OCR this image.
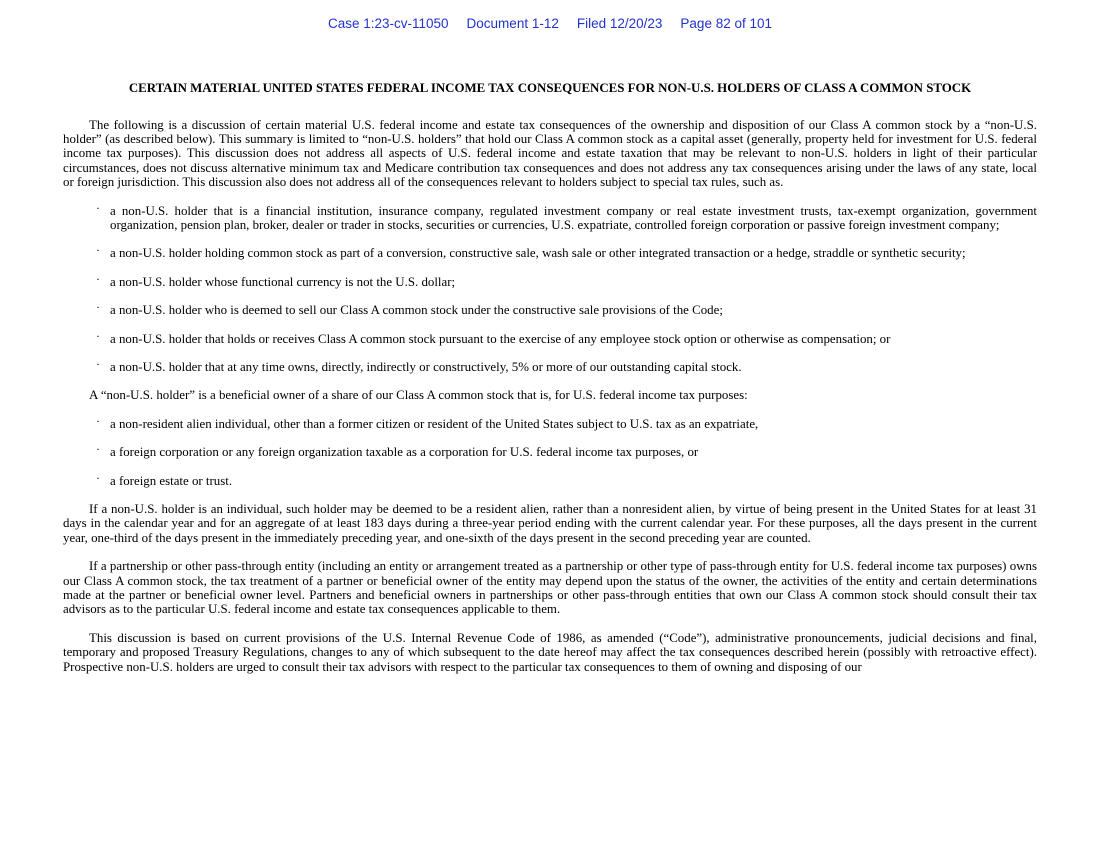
Case 1:23-cv-11050 Document 1-12 Filed 12/20/23 Page 82 of 101
CERTAIN MATERIAL UNITED STATES FEDERAL INCOME TAX CONSEQUENCES FOR NON-U.S. HOLDERS OF CLASS A COMMON STOCK

The following is a discussion of certain material U.S. federal income and estate tax consequences of the ownership and disposition of our Class A common stock by a “non-U.S. holder” (as described below). This summary is limited to “non-U.S. holders” that hold our Class A common stock as a capital asset (generally, property held for investment for U.S. federal income tax purposes). This discussion does not address all aspects of U.S. federal income and estate taxation that may be relevant to non-U.S. holders in light of their particular circumstances, does not discuss alternative minimum tax and Medicare contribution tax consequences and does not address any tax consequences arising under the laws of any state, local or foreign jurisdiction. This discussion also does not address all of the consequences relevant to holders subject to special tax rules, such as.

· a non-U.S. holder that is a financial institution, insurance company, regulated investment company or real estate investment trusts, tax-exempt organization, government organization, pension plan, broker, dealer or trader in stocks, securities or currencies, U.S. expatriate, controlled foreign corporation or passive foreign investment company;
· a non-U.S. holder holding common stock as part of a conversion, constructive sale, wash sale or other integrated transaction or a hedge, straddle or synthetic security;
· a non-U.S. holder whose functional currency is not the U.S. dollar;
· a non-U.S. holder who is deemed to sell our Class A common stock under the constructive sale provisions of the Code;
· a non-U.S. holder that holds or receives Class A common stock pursuant to the exercise of any employee stock option or otherwise as compensation; or
· a non-U.S. holder that at any time owns, directly, indirectly or constructively, 5% or more of our outstanding capital stock.

A “non-U.S. holder” is a beneficial owner of a share of our Class A common stock that is, for U.S. federal income tax purposes:

· a non-resident alien individual, other than a former citizen or resident of the United States subject to U.S. tax as an expatriate,
· a foreign corporation or any foreign organization taxable as a corporation for U.S. federal income tax purposes, or
· a foreign estate or trust.

If a non-U.S. holder is an individual, such holder may be deemed to be a resident alien, rather than a nonresident alien, by virtue of being present in the United States for at least 31 days in the calendar year and for an aggregate of at least 183 days during a three-year period ending with the current calendar year. For these purposes, all the days present in the current year, one-third of the days present in the immediately preceding year, and one-sixth of the days present in the second preceding year are counted.

If a partnership or other pass-through entity (including an entity or arrangement treated as a partnership or other type of pass-through entity for U.S. federal income tax purposes) owns our Class A common stock, the tax treatment of a partner or beneficial owner of the entity may depend upon the status of the owner, the activities of the entity and certain determinations made at the partner or beneficial owner level. Partners and beneficial owners in partnerships or other pass-through entities that own our Class A common stock should consult their tax advisors as to the particular U.S. federal income and estate tax consequences applicable to them.

This discussion is based on current provisions of the U.S. Internal Revenue Code of 1986, as amended (“Code”), administrative pronouncements, judicial decisions and final, temporary and proposed Treasury Regulations, changes to any of which subsequent to the date hereof may affect the tax consequences described herein (possibly with retroactive effect). Prospective non-U.S. holders are urged to consult their tax advisors with respect to the particular tax consequences to them of owning and disposing of our
